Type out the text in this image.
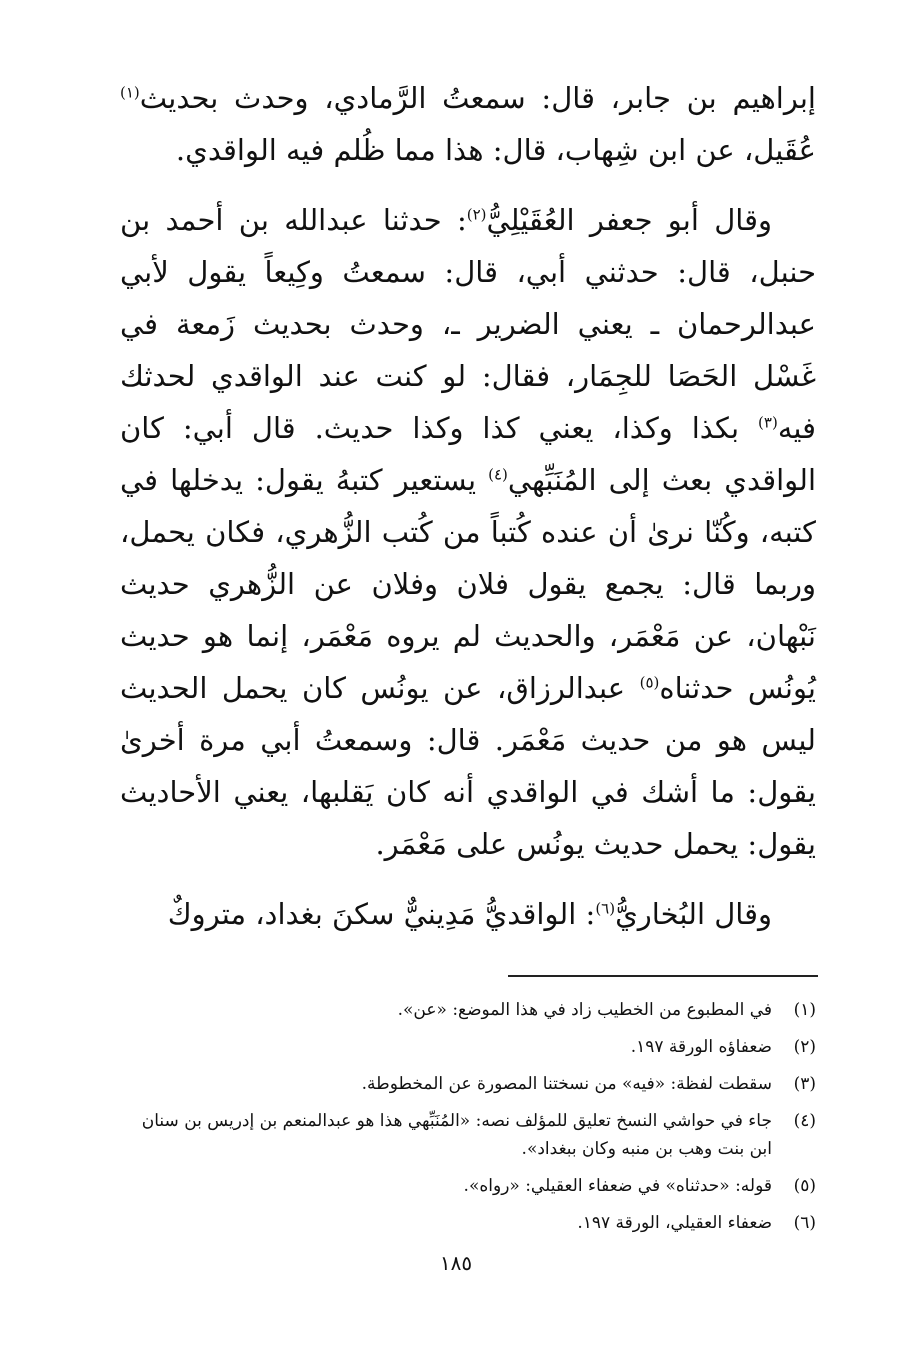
إبراهيم بن جابر، قال: سمعتُ الرَّمادي، وحدث بحديث$^{(١)}$ عُقَيل، عن ابن شِهاب، قال: هذا مما ظُلم فيه الواقدي.

وقال أبو جعفر العُقَيْلِيُّ$^{(٢)}$: حدثنا عبدالله بن أحمد بن حنبل، قال: حدثني أبي، قال: سمعتُ وكِيعاً يقول لأبي عبدالرحمان ـ يعني الضرير ـ، وحدث بحديث زَمعة في غَسْل الحَصَا للجِمَار، فقال: لو كنت عند الواقدي لحدثك فيه$^{(٣)}$ بكذا وكذا، يعني كذا وكذا حديث. قال أبي: كان الواقدي بعث إلى المُنَبِّهي$^{(٤)}$ يستعير كتبهُ يقول: يدخلها في كتبه، وكُنّا نرىٰ أن عنده كُتباً من كُتب الزُّهري، فكان يحمل، وربما قال: يجمع يقول فلان وفلان عن الزُّهري حديث نَبْهان، عن مَعْمَر، والحديث لم يروه مَعْمَر، إنما هو حديث يُونُس حدثناه$^{(٥)}$ عبدالرزاق، عن يونُس كان يحمل الحديث ليس هو من حديث مَعْمَر. قال: وسمعتُ أبي مرة أخرىٰ يقول: ما أشك في الواقدي أنه كان يَقلبها، يعني الأحاديث يقول: يحمل حديث يونُس على مَعْمَر.

وقال البُخاريُّ$^{(٦)}$: الواقديُّ مَدِينيٌّ سكنَ بغداد، متروكٌ

(١)
في المطبوع من الخطيب زاد في هذا الموضع: «عن».
(٢)
ضعفاؤه الورقة ١٩٧.
(٣)
سقطت لفظة: «فيه» من نسختنا المصورة عن المخطوطة.
(٤)
جاء في حواشي النسخ تعليق للمؤلف نصه: «المُنَبِّهي هذا هو عبدالمنعم بن إدريس بن سنان ابن بنت وهب بن منبه وكان ببغداد».
(٥)
قوله: «حدثناه» في ضعفاء العقيلي: «رواه».
(٦)
ضعفاء العقيلي، الورقة ١٩٧.
١٨٥
